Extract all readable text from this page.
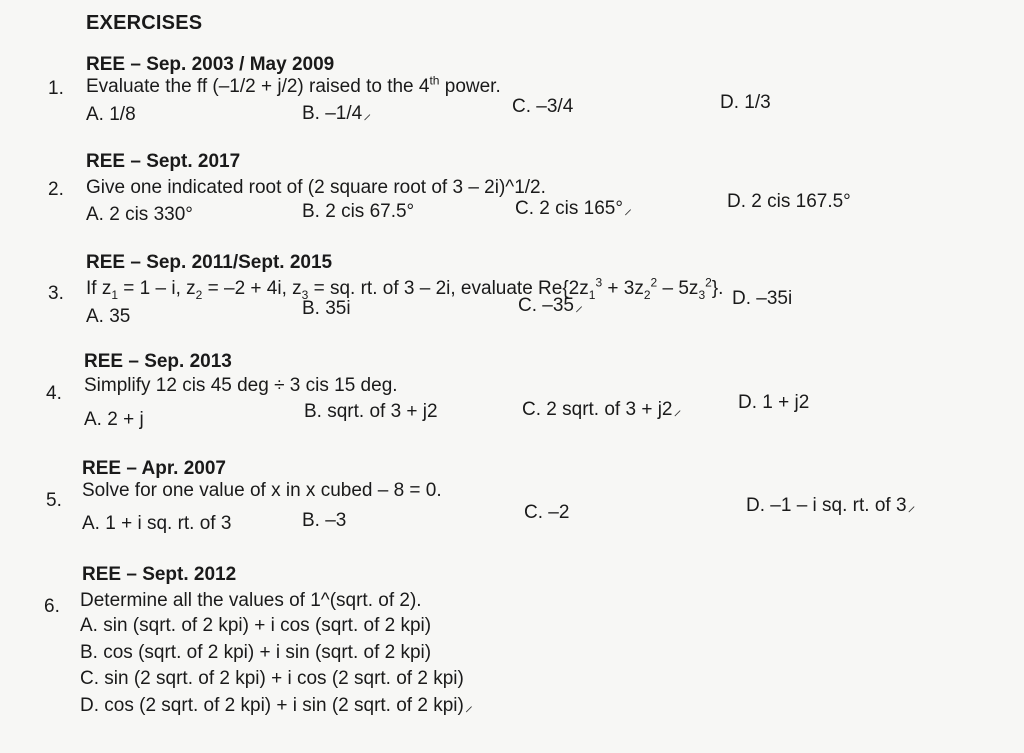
EXERCISES
REE – Sep. 2003 / May 2009
1. Evaluate the ff (–1/2 + j/2) raised to the 4th power.
A. 1/8	B. –1/4⸝	C. –3/4	D. 1/3
REE – Sept. 2017
2. Give one indicated root of (2 square root of 3 – 2i)^1/2.
A. 2 cis 330°	B. 2 cis 67.5°	C. 2 cis 165°⸝	D. 2 cis 167.5°
REE – Sep. 2011/Sept. 2015
3. If $z_1 = 1 - i$, $z_2 = -2 + 4i$, $z_3$ = sq. rt. of 3 – 2i, evaluate $Re\{2z_1^3 + 3z_2^2 - 5z_3^2\}$.
A. 35	B. 35i	C. –35⸝	D. –35i
REE – Sep. 2013
4. Simplify 12 cis 45 deg ÷ 3 cis 15 deg.
A. 2 + j	B. sqrt. of 3 + j2	C. 2 sqrt. of 3 + j2⸝	D. 1 + j2
REE – Apr. 2007
5. Solve for one value of x in x cubed – 8 = 0.
A. 1 + i sq. rt. of 3	B. –3	C. –2	D. –1 – i sq. rt. of 3⸝
REE – Sept. 2012
6. Determine all the values of 1^(sqrt. of 2).
A. sin (sqrt. of 2 kpi) + i cos (sqrt. of 2 kpi)
B. cos (sqrt. of 2 kpi) + i sin (sqrt. of 2 kpi)
C. sin (2 sqrt. of 2 kpi) + i cos (2 sqrt. of 2 kpi)
D. cos (2 sqrt. of 2 kpi) + i sin (2 sqrt. of 2 kpi)⸝
